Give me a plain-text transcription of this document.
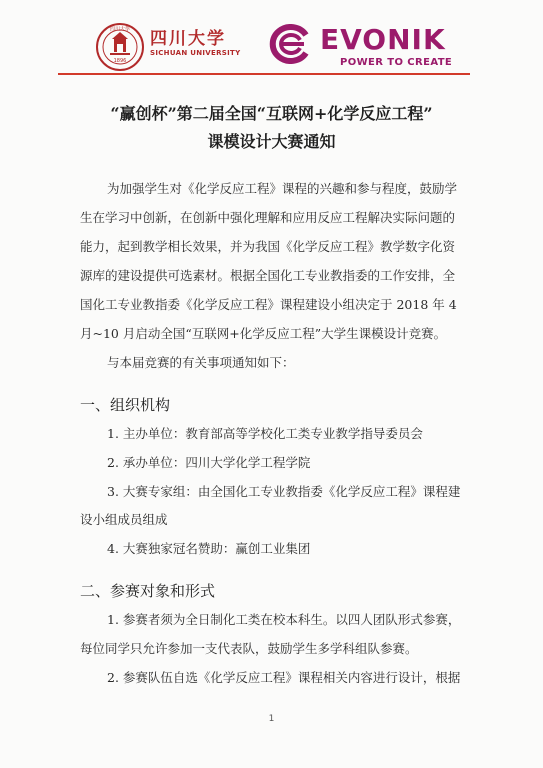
1896
四川大學 四川大学
SICHUAN UNIVERSITY	EVONIK
POWER TO CREATE
“赢创杯”第二届全国“互联网+化学反应工程”
课模设计大赛通知
为加强学生对《化学反应工程》课程的兴趣和参与程度，鼓励学
生在学习中创新，在创新中强化理解和应用反应工程解决实际问题的
能力，起到教学相长效果，并为我国《化学反应工程》教学数字化资
源库的建设提供可选素材。根据全国化工专业教指委的工作安排，全
国化工专业教指委《化学反应工程》课程建设小组决定于 2018 年 4
月~10 月启动全国“互联网+化学反应工程”大学生课模设计竞赛。
与本届竞赛的有关事项通知如下：
一、组织机构
1. 主办单位：教育部高等学校化工类专业教学指导委员会
2. 承办单位：四川大学化学工程学院
3. 大赛专家组：由全国化工专业教指委《化学反应工程》课程建
设小组成员组成
4. 大赛独家冠名赞助：赢创工业集团
二、参赛对象和形式
1. 参赛者须为全日制化工类在校本科生。以四人团队形式参赛，
每位同学只允许参加一支代表队，鼓励学生多学科组队参赛。
2. 参赛队伍自选《化学反应工程》课程相关内容进行设计，根据
1
